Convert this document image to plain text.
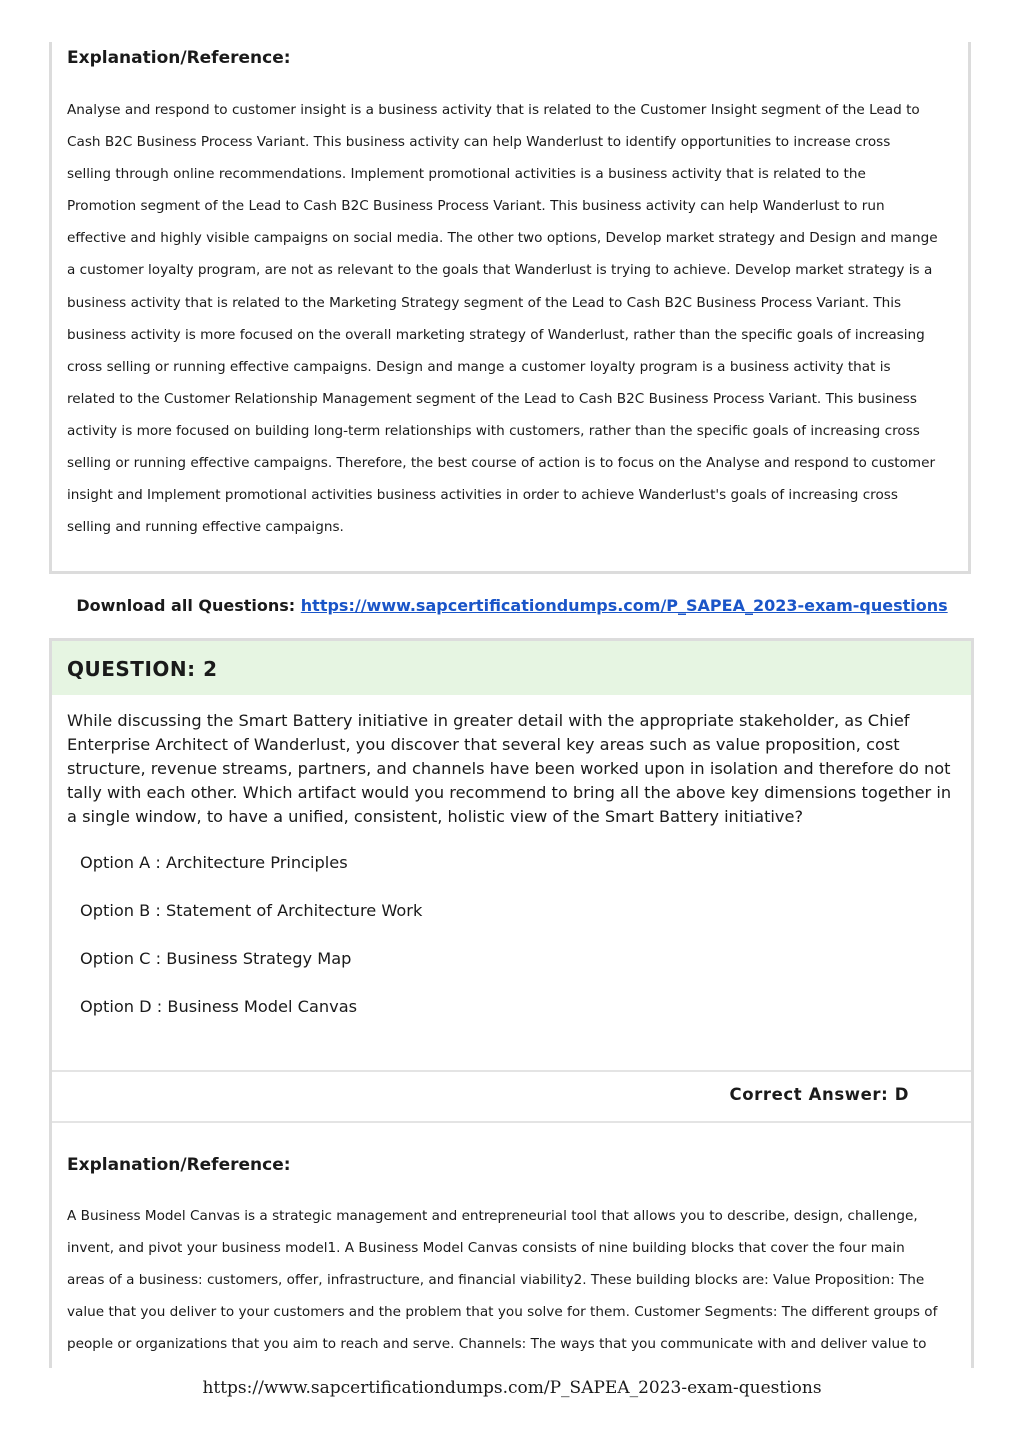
Explanation/Reference:

Analyse and respond to customer insight is a business activity that is related to the Customer Insight segment of the Lead to
Cash B2C Business Process Variant. This business activity can help Wanderlust to identify opportunities to increase cross
selling through online recommendations. Implement promotional activities is a business activity that is related to the
Promotion segment of the Lead to Cash B2C Business Process Variant. This business activity can help Wanderlust to run
effective and highly visible campaigns on social media. The other two options, Develop market strategy and Design and mange
a customer loyalty program, are not as relevant to the goals that Wanderlust is trying to achieve. Develop market strategy is a
business activity that is related to the Marketing Strategy segment of the Lead to Cash B2C Business Process Variant. This
business activity is more focused on the overall marketing strategy of Wanderlust, rather than the specific goals of increasing
cross selling or running effective campaigns. Design and mange a customer loyalty program is a business activity that is
related to the Customer Relationship Management segment of the Lead to Cash B2C Business Process Variant. This business
activity is more focused on building long-term relationships with customers, rather than the specific goals of increasing cross
selling or running effective campaigns. Therefore, the best course of action is to focus on the Analyse and respond to customer
insight and Implement promotional activities business activities in order to achieve Wanderlust's goals of increasing cross
selling and running effective campaigns.

Download all Questions: https://www.sapcertificationdumps.com/P_SAPEA_2023-exam-questions
QUESTION: 2

While discussing the Smart Battery initiative in greater detail with the appropriate stakeholder, as Chief
Enterprise Architect of Wanderlust, you discover that several key areas such as value proposition, cost
structure, revenue streams, partners, and channels have been worked upon in isolation and therefore do not
tally with each other. Which artifact would you recommend to bring all the above key dimensions together in
a single window, to have a unified, consistent, holistic view of the Smart Battery initiative?

Option A : Architecture Principles
Option B : Statement of Architecture Work
Option C : Business Strategy Map
Option D : Business Model Canvas
Correct Answer: D
Explanation/Reference:

A Business Model Canvas is a strategic management and entrepreneurial tool that allows you to describe, design, challenge,
invent, and pivot your business model1. A Business Model Canvas consists of nine building blocks that cover the four main
areas of a business: customers, offer, infrastructure, and financial viability2. These building blocks are: Value Proposition: The
value that you deliver to your customers and the problem that you solve for them. Customer Segments: The different groups of
people or organizations that you aim to reach and serve. Channels: The ways that you communicate with and deliver value to

https://www.sapcertificationdumps.com/P_SAPEA_2023-exam-questions
